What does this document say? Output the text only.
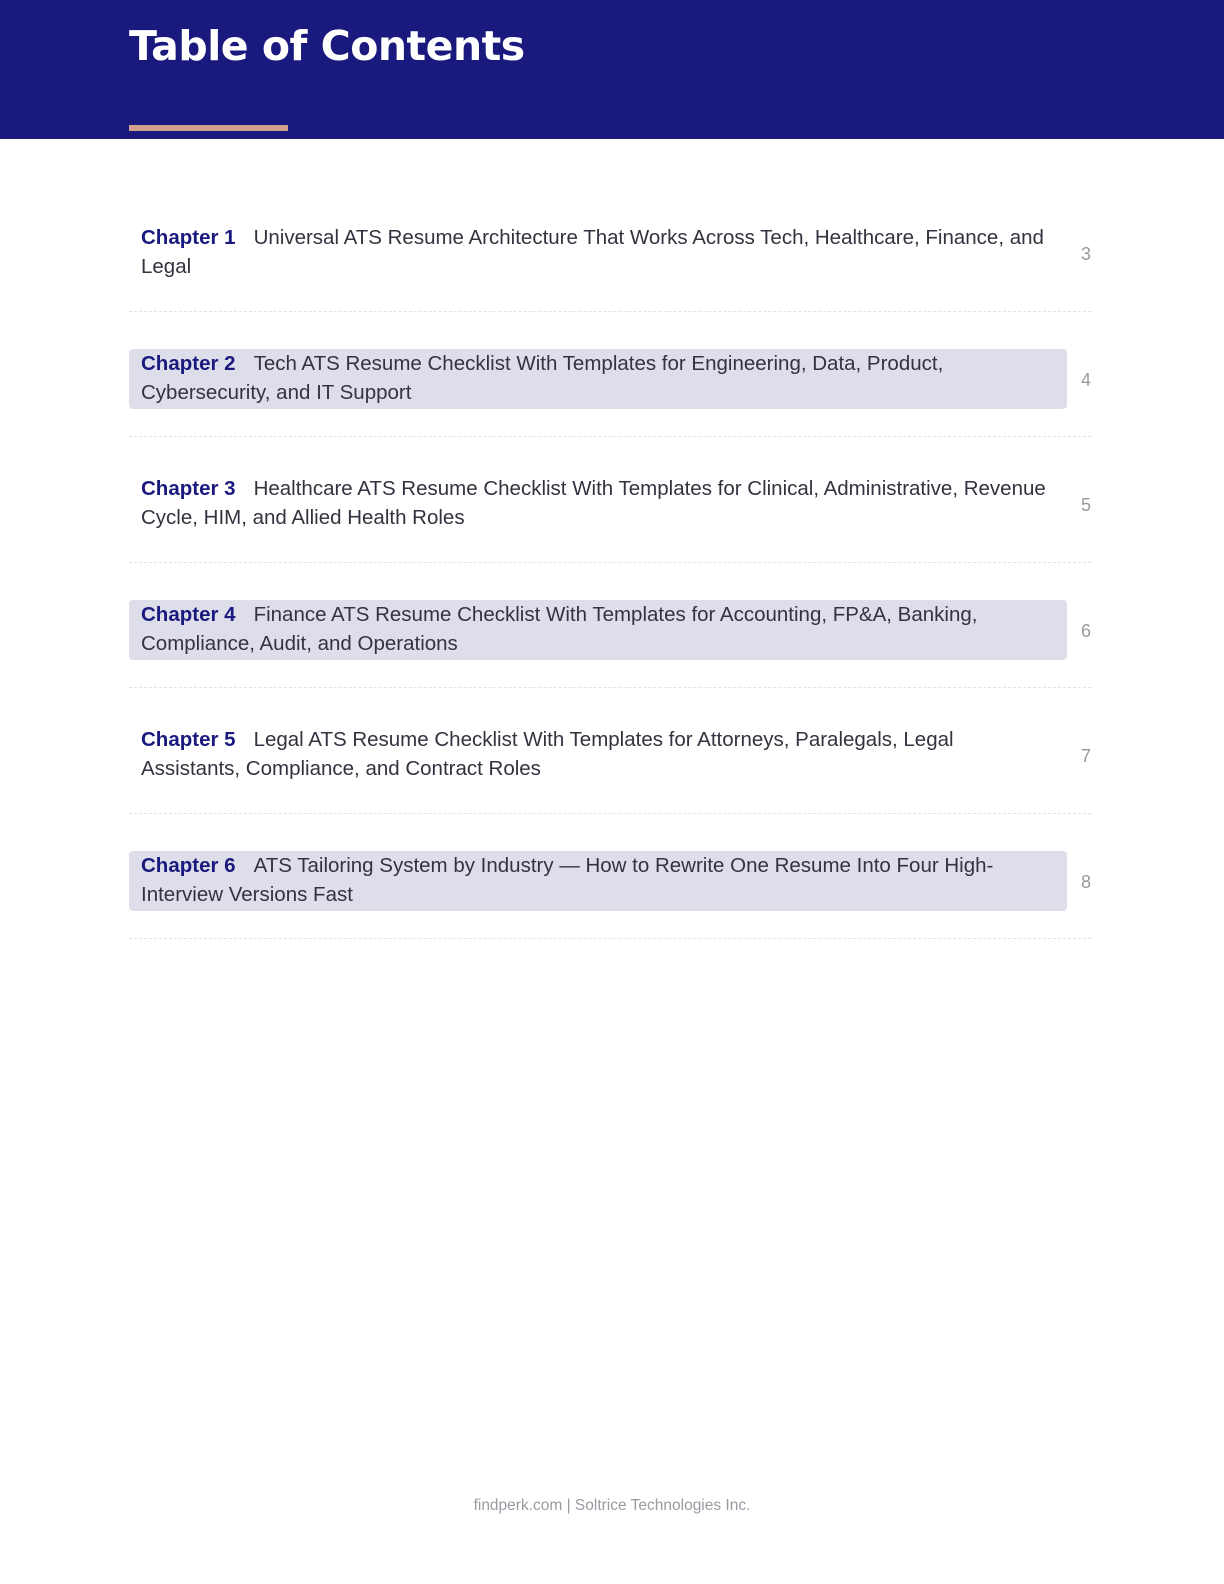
Table of Contents
Chapter 1 Universal ATS Resume Architecture That Works Across Tech, Healthcare, Finance, and Legal
3
Chapter 2 Tech ATS Resume Checklist With Templates for Engineering, Data, Product, Cybersecurity, and IT Support
4
Chapter 3 Healthcare ATS Resume Checklist With Templates for Clinical, Administrative, Revenue Cycle, HIM, and Allied Health Roles
5
Chapter 4 Finance ATS Resume Checklist With Templates for Accounting, FP&A, Banking, Compliance, Audit, and Operations
6
Chapter 5 Legal ATS Resume Checklist With Templates for Attorneys, Paralegals, Legal Assistants, Compliance, and Contract Roles
7
Chapter 6 ATS Tailoring System by Industry — How to Rewrite One Resume Into Four High-Interview Versions Fast
8
findperk.com | Soltrice Technologies Inc.
